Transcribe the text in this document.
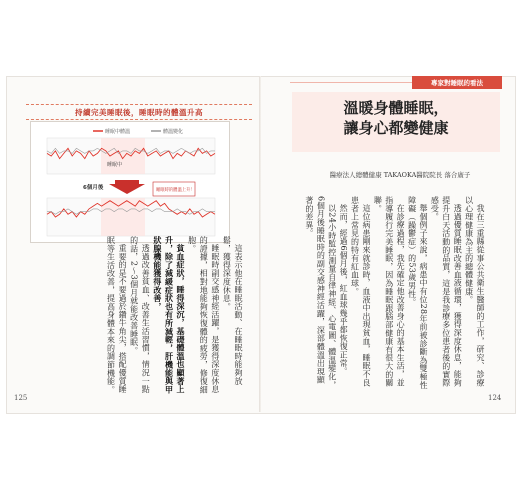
持續完美睡眠後，睡眠時的體溫升高
睡眠中體溫	體溫變化
睡眠中
6個月後	睡眠時的體溫上升！

這表示他在睡眠活動、在睡眠時能夠放鬆，獲得深度休息。

睡眠時副交感神經活躍，是獲得深度休息的證據，相對地能夠恢復體的疲勞，修復細胞。

貧血症狀，睡得深沉，基礎體溫也顯著上升，除了減緩症狀也有所減輕，肝機能與甲狀腺機能獲得改善，

透過改善貧血、改善生活習慣，情況一點的話，2～3個月就能改善睡眠。

重要的是不要過於鑽牛角尖，搭配優質睡眠等生活改善，提高身體本來的調節機能。

125
專家對睡眠的看法
溫暖身體睡眠，
讓身心都變健康
醫療法人總體健康 TAKAOKA醫院院長 落合廣子

我在三重縣從事公共衛生醫師的工作，研究、診療以心理健康為主的總體健康。

透過優質睡眠改善血液循環，獲得深度休息，能夠提升白天活動的品質，這是我診療多位患者後的實際感受。

舉個例子來說，病患中有位28年前被診斷為雙極性障礙（躁鬱症）的53歲男性。

在診療過程，我先確定他改善身心的基本生活，並指導履行完美睡眠，因為睡眠跟腦部健康有很大的關聯。

這位病患剛來就診時，血液中出現貧血，睡眠不良患者上常見的特有紅血球。

然而，經過6個月後，紅血球幾乎都恢復正常。

以24小時監控測量自律神經、心電圖、體溫變化，6個月後睡眠時的副交感神經活躍，深部體溫出現顯著的差異。

124
